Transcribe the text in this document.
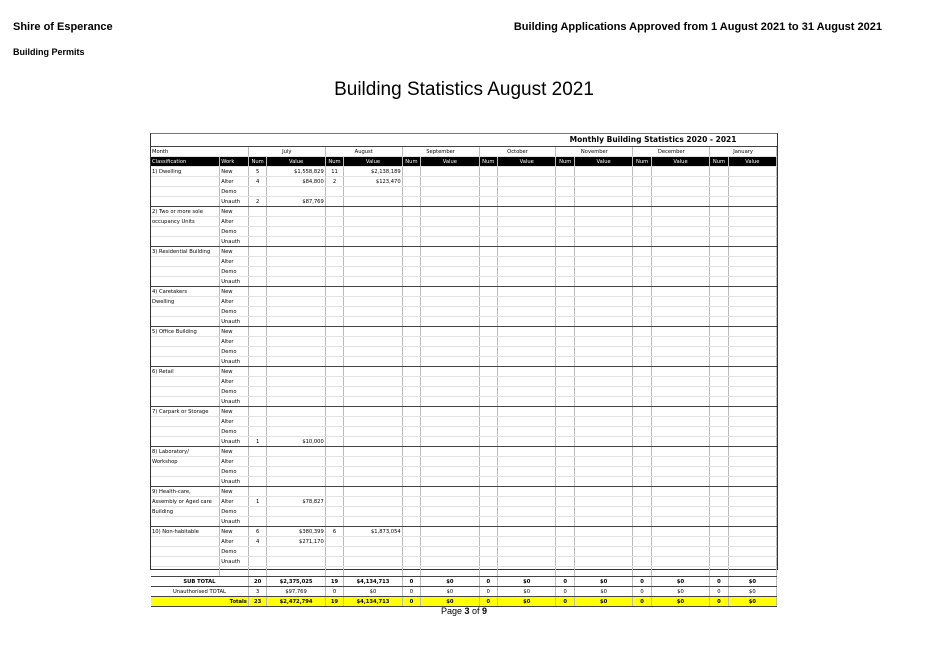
Shire of Esperance
Building Permits
Building Applications Approved from 1 August 2021 to 31 August 2021
Building Statistics August 2021
Monthly Building Statistics 2020 - 2021															
Month		July		August		September		October		November		December		January	
Classification	Work	Num	Value	Num	Value	Num	Value	Num	Value	Num	Value	Num	Value	Num	Value
1) Dwelling	New	5	$1,558,829	11	$2,138,189										
	Alter	4	$84,800	2	$123,470										
	Demo														
	Unauth	2	$87,769												
2) Two or more sole	New														
occupancy Units	Alter														
	Demo														
	Unauth														
3) Residential Building	New														
	Alter														
	Demo														
	Unauth														
4) Caretakers	New														
Dwelling	Alter														
	Demo														
	Unauth														
5) Office Building	New														
	Alter														
	Demo														
	Unauth														
6) Retail	New														
	Alter														
	Demo														
	Unauth														
7) Carpark or Storage	New														
	Alter														
	Demo														
	Unauth	1	$10,000												
8) Laboratory/	New														
Workshop	Alter														
	Demo														
	Unauth														
9) Health-care,	New														
Assembly or Aged care	Alter	1	$78,827												
Building	Demo														
	Unauth														
10) Non-habitable	New	6	$380,399	6	$1,873,054										
	Alter	4	$271,170												
	Demo														
	Unauth														

SUB TOTAL		20	$2,375,025	19	$4,134,713	0	$0	0	$0	0	$0	0	$0	0	$0
Unauthorised TOTAL		3	$97,769	0	$0	0	$0	0	$0	0	$0	0	$0	0	$0
Totals		23	$2,472,794	19	$4,134,713	0	$0	0	$0	0	$0	0	$0	0	$0
Page 3 of 9
